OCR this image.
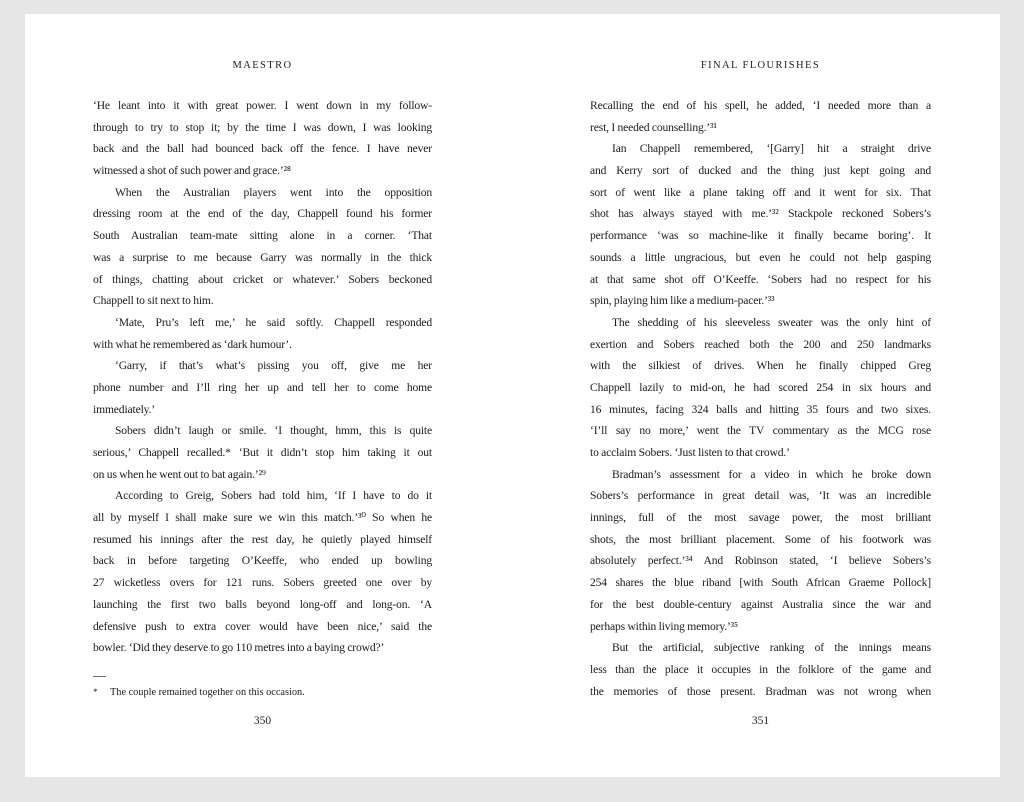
MAESTRO
‘He leant into it with great power. I went down in my follow-
through to try to stop it; by the time I was down, I was looking
back and the ball had bounced back off the fence. I have never
witnessed a shot of such power and grace.’²⁸
When the Australian players went into the opposition
dressing room at the end of the day, Chappell found his former
South Australian team-mate sitting alone in a corner. ‘That
was a surprise to me because Garry was normally in the thick
of things, chatting about cricket or whatever.’ Sobers beckoned
Chappell to sit next to him.
‘Mate, Pru’s left me,’ he said softly. Chappell responded
with what he remembered as ‘dark humour’.
‘Garry, if that’s what’s pissing you off, give me her
phone number and I’ll ring her up and tell her to come home
immediately.’
Sobers didn’t laugh or smile. ‘I thought, hmm, this is quite
serious,’ Chappell recalled.* ‘But it didn’t stop him taking it out
on us when he went out to bat again.’²⁹
According to Greig, Sobers had told him, ‘If I have to do it
all by myself I shall make sure we win this match.’³⁰ So when he
resumed his innings after the rest day, he quietly played himself
back in before targeting O’Keeffe, who ended up bowling
27 wicketless overs for 121 runs. Sobers greeted one over by
launching the first two balls beyond long-off and long-on. ‘A
defensive push to extra cover would have been nice,’ said the
bowler. ‘Did they deserve to go 110 metres into a baying crowd?’
*	The couple remained together on this occasion.
350
FINAL FLOURISHES
Recalling the end of his spell, he added, ‘I needed more than a
rest, I needed counselling.’³¹
Ian Chappell remembered, ‘[Garry] hit a straight drive
and Kerry sort of ducked and the thing just kept going and
sort of went like a plane taking off and it went for six. That
shot has always stayed with me.’³² Stackpole reckoned Sobers’s
performance ‘was so machine-like it finally became boring’. It
sounds a little ungracious, but even he could not help gasping
at that same shot off O’Keeffe. ‘Sobers had no respect for his
spin, playing him like a medium-pacer.’³³
The shedding of his sleeveless sweater was the only hint of
exertion and Sobers reached both the 200 and 250 landmarks
with the silkiest of drives. When he finally chipped Greg
Chappell lazily to mid-on, he had scored 254 in six hours and
16 minutes, facing 324 balls and hitting 35 fours and two sixes.
‘I’ll say no more,’ went the TV commentary as the MCG rose
to acclaim Sobers. ‘Just listen to that crowd.’
Bradman’s assessment for a video in which he broke down
Sobers’s performance in great detail was, ‘It was an incredible
innings, full of the most savage power, the most brilliant
shots, the most brilliant placement. Some of his footwork was
absolutely perfect.’³⁴ And Robinson stated, ‘I believe Sobers’s
254 shares the blue riband [with South African Graeme Pollock]
for the best double-century against Australia since the war and
perhaps within living memory.’³⁵
But the artificial, subjective ranking of the innings means
less than the place it occupies in the folklore of the game and
the memories of those present. Bradman was not wrong when
351
